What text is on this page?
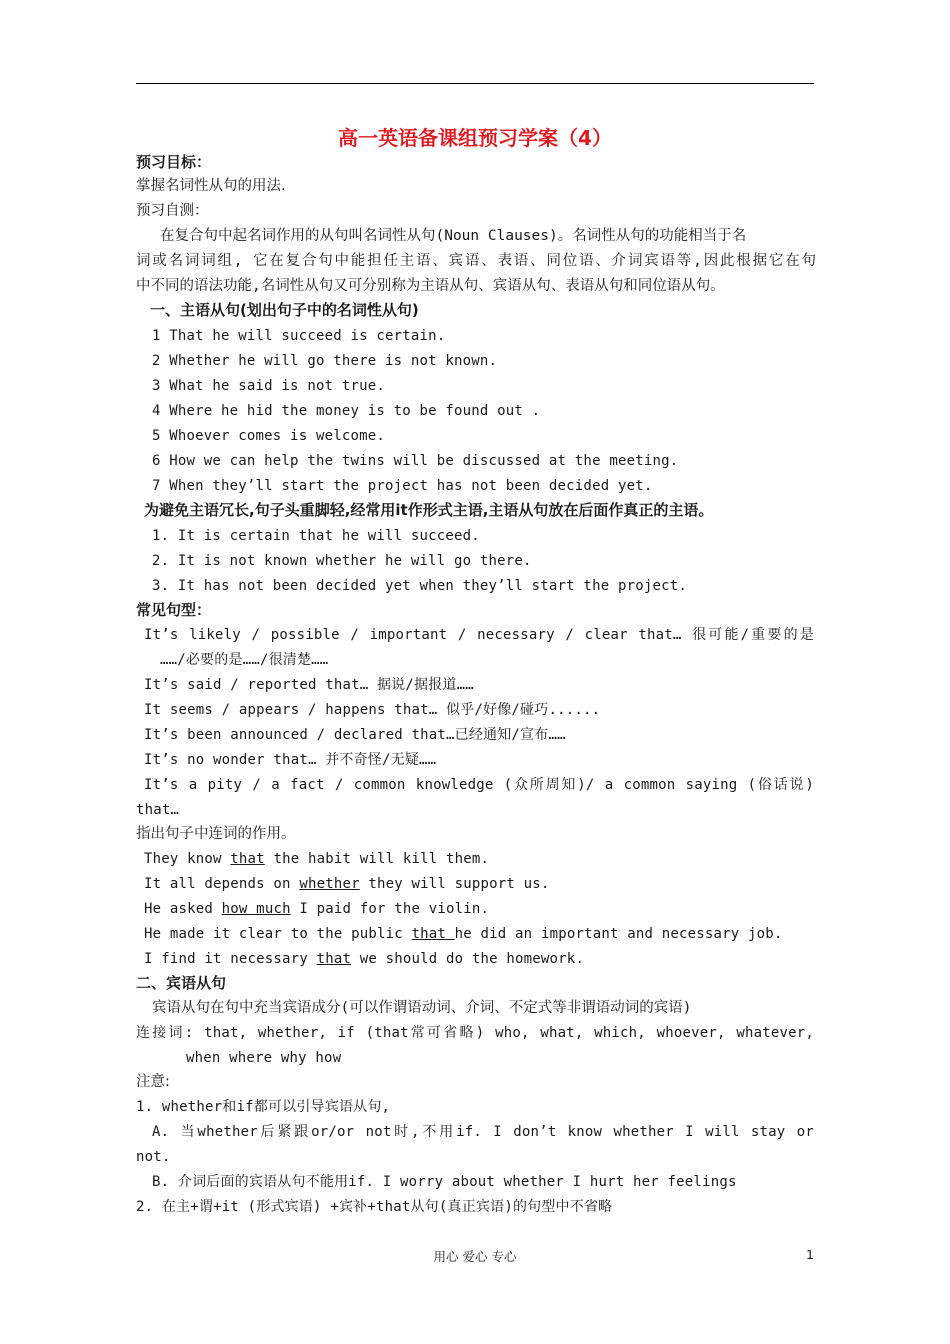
高一英语备课组预习学案（4）
预习目标：
掌握名词性从句的用法.
预习自测：
在复合句中起名词作用的从句叫名词性从句(Noun Clauses)。名词性从句的功能相当于名
词或名词词组, 它在复合句中能担任主语、宾语、表语、同位语、介词宾语等,因此根据它在句
中不同的语法功能,名词性从句又可分别称为主语从句、宾语从句、表语从句和同位语从句。
一、主语从句(划出句子中的名词性从句)
1 That he will succeed is certain.
2 Whether he will go there is not known.
3 What he said is not true.
4 Where he hid the money is to be found out .
5 Whoever comes is welcome.
6 How we can help the twins will be discussed at the meeting.
7 When they’ll start the project has not been decided yet.
为避免主语冗长,句子头重脚轻,经常用it作形式主语,主语从句放在后面作真正的主语。
1. It is certain that he will succeed.
2. It is not known whether he will go there.
3. It has not been decided yet when they’ll start the project.
常见句型：
It’s likely / possible / important / necessary / clear that… 很可能/重要的是
……/必要的是……/很清楚……
It’s said / reported that… 据说/据报道……
It seems / appears / happens that… 似乎/好像/碰巧......
It’s been announced / declared that…已经通知/宣布……
It’s no wonder that… 并不奇怪/无疑……
It’s a pity / a fact / common knowledge (众所周知)/ a common saying (俗话说)
that…
指出句子中连词的作用。
They know that the habit will kill them.
It all depends on whether they will support us.
He asked how much I paid for the violin.
He made it clear to the public that he did an important and necessary job.
I find it necessary that we should do the homework.
二、宾语从句
宾语从句在句中充当宾语成分(可以作谓语动词、介词、不定式等非谓语动词的宾语)
连接词: that, whether, if (that常可省略) who, what, which, whoever, whatever,
when where why how
注意:
1. whether和if都可以引导宾语从句,
A. 当whether后紧跟or/or not时,不用if. I don’t know whether I will stay or
not.
B. 介词后面的宾语从句不能用if. I worry about whether I hurt her feelings
2. 在主+谓+it (形式宾语) +宾补+that从句(真正宾语)的句型中不省略
用心 爱心 专心	1
